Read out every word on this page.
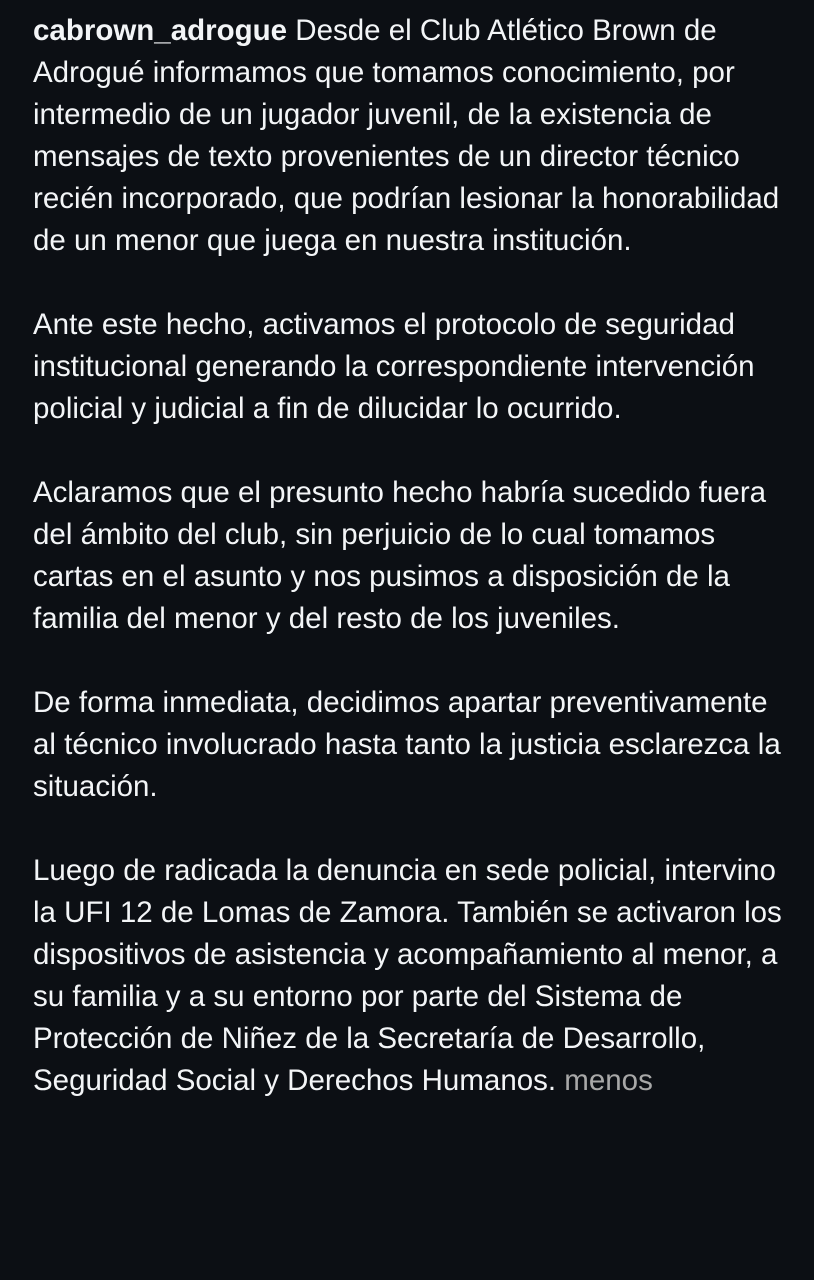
cabrown_adrogue Desde el Club Atlético Brown de Adrogué informamos que tomamos conocimiento, por intermedio de un jugador juvenil, de la existencia de mensajes de texto provenientes de un director técnico recién incorporado, que podrían lesionar la honorabilidad de un menor que juega en nuestra institución.

Ante este hecho, activamos el protocolo de seguridad institucional generando la correspondiente intervención policial y judicial a fin de dilucidar lo ocurrido.

Aclaramos que el presunto hecho habría sucedido fuera del ámbito del club, sin perjuicio de lo cual tomamos cartas en el asunto y nos pusimos a disposición de la familia del menor y del resto de los juveniles.

De forma inmediata, decidimos apartar preventivamente al técnico involucrado hasta tanto la justicia esclarezca la situación.

Luego de radicada la denuncia en sede policial, intervino la UFI 12 de Lomas de Zamora. También se activaron los dispositivos de asistencia y acompañamiento al menor, a su familia y a su entorno por parte del Sistema de Protección de Niñez de la Secretaría de Desarrollo, Seguridad Social y Derechos Humanos. menos
